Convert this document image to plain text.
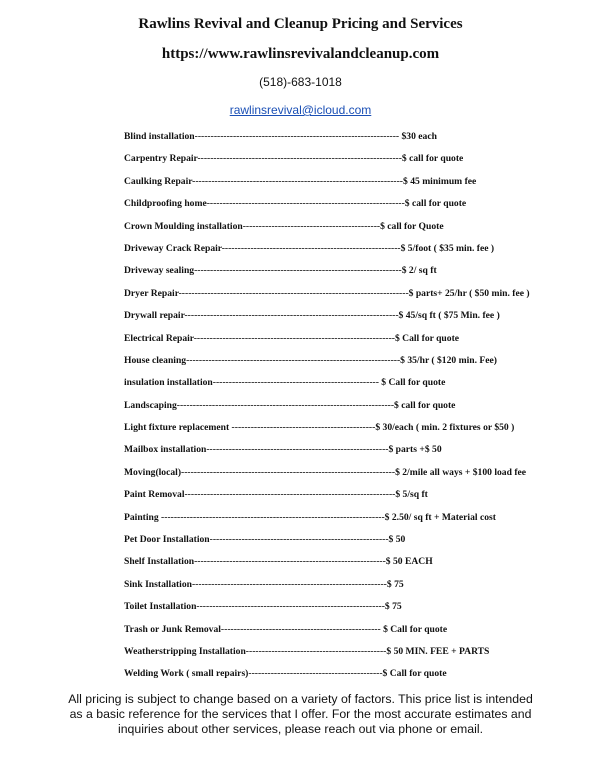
Rawlins Revival and Cleanup Pricing and Services
https://www.rawlinsrevivalandcleanup.com
(518)-683-1018
rawlinsrevival@icloud.com
Blind installation---------------------------------------------------------------- $30 each
Carpentry Repair----------------------------------------------------------------$ call for quote
Caulking Repair------------------------------------------------------------------$ 45 minimum fee
Childproofing home--------------------------------------------------------------$ call for quote
Crown Moulding installation-------------------------------------------$ call for Quote
Driveway Crack Repair--------------------------------------------------------$ 5/foot ( $35 min. fee )
Driveway sealing-----------------------------------------------------------------$ 2/ sq ft
Dryer Repair------------------------------------------------------------------------$ parts+ 25/hr ( $50 min. fee )
Drywall repair-------------------------------------------------------------------$ 45/sq ft ( $75 Min. fee )
Electrical Repair---------------------------------------------------------------$ Call for quote
House cleaning-------------------------------------------------------------------$ 35/hr ( $120 min. Fee)
insulation installation---------------------------------------------------- $ Call for quote
Landscaping--------------------------------------------------------------------$ call for quote
Light fixture replacement ---------------------------------------------$ 30/each ( min. 2 fixtures or $50 )
Mailbox installation---------------------------------------------------------$ parts +$ 50
Moving(local)-------------------------------------------------------------------$ 2/mile all ways + $100 load fee
Paint Removal------------------------------------------------------------------$ 5/sq ft
Painting ----------------------------------------------------------------------$ 2.50/ sq ft + Material cost
Pet Door Installation--------------------------------------------------------$ 50
Shelf Installation------------------------------------------------------------$ 50 EACH
Sink Installation-------------------------------------------------------------$ 75
Toilet Installation-----------------------------------------------------------$ 75
Trash or Junk Removal-------------------------------------------------- $ Call for quote
Weatherstripping Installation--------------------------------------------$ 50 MIN. FEE + PARTS
Welding Work ( small repairs)------------------------------------------$ Call for quote
All pricing is subject to change based on a variety of factors. This price list is intended
as a basic reference for the services that I offer. For the most accurate estimates and
inquiries about other services, please reach out via phone or email.
